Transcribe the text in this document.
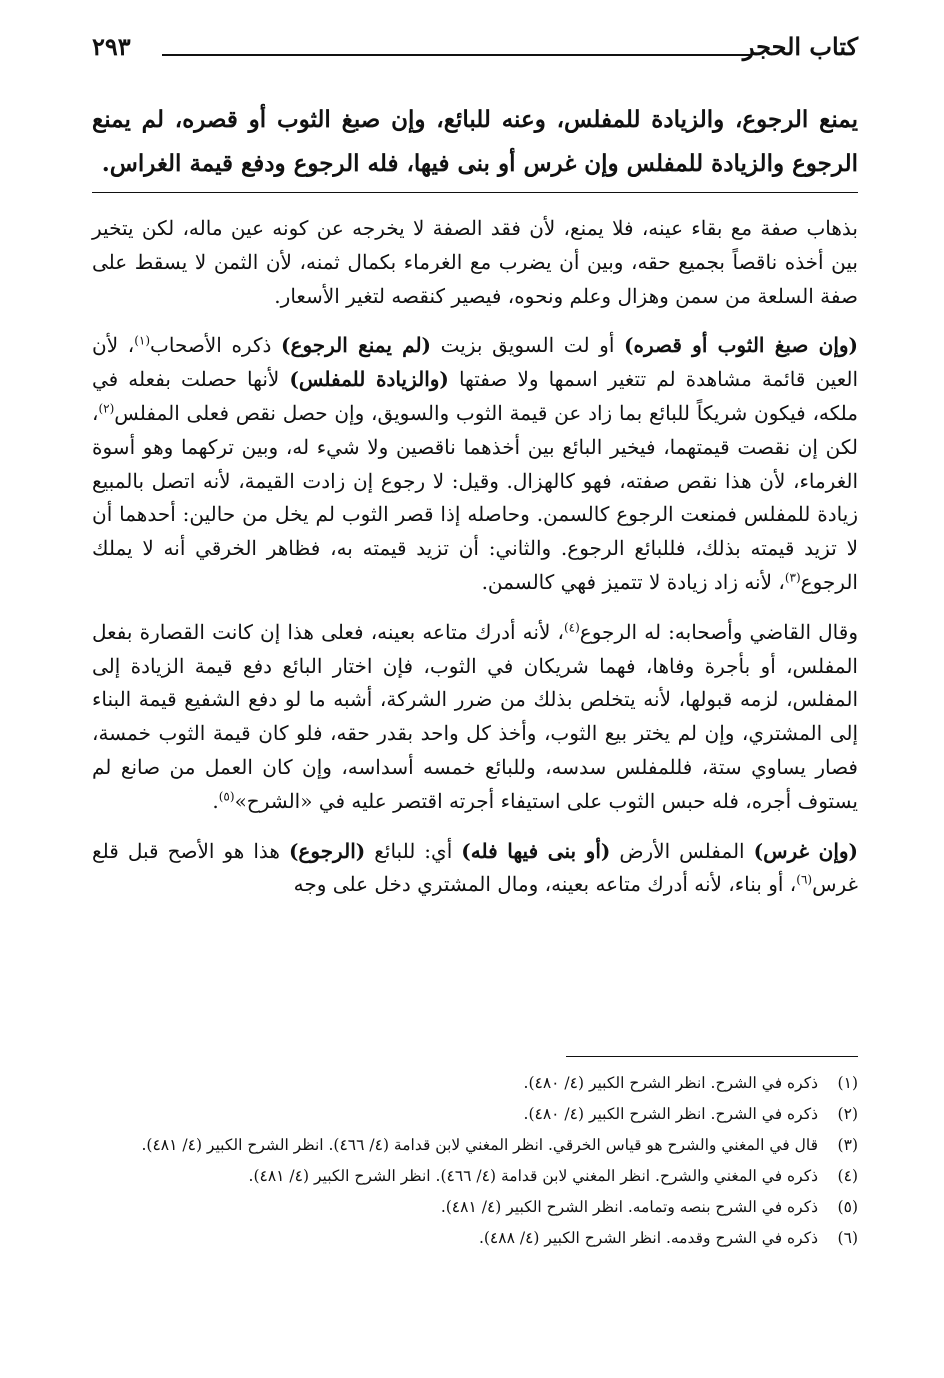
كتاب الحجر
٢٩٣
يمنع الرجوع، والزيادة للمفلس، وعنه للبائع، وإن صبغ الثوب أو قصره، لم يمنع الرجوع والزيادة للمفلس وإن غرس أو بنى فيها، فله الرجوع ودفع قيمة الغراس.

بذهاب صفة مع بقاء عينه، فلا يمنع، لأن فقد الصفة لا يخرجه عن كونه عين ماله، لكن يتخير بين أخذه ناقصاً بجميع حقه، وبين أن يضرب مع الغرماء بكمال ثمنه، لأن الثمن لا يسقط على صفة السلعة من سمن وهزال وعلم ونحوه، فيصير كنقصه لتغير الأسعار.

(وإن صبغ الثوب أو قصره) أو لت السويق بزيت (لم يمنع الرجوع) ذكره الأصحاب$^{(١)}$، لأن العين قائمة مشاهدة لم تتغير اسمها ولا صفتها (والزيادة للمفلس) لأنها حصلت بفعله في ملكه، فيكون شريكاً للبائع بما زاد عن قيمة الثوب والسويق، وإن حصل نقص فعلى المفلس$^{(٢)}$، لكن إن نقصت قيمتهما، فيخير البائع بين أخذهما ناقصين ولا شيء له، وبين تركهما وهو أسوة الغرماء، لأن هذا نقص صفته، فهو كالهزال. وقيل: لا رجوع إن زادت القيمة، لأنه اتصل بالمبيع زيادة للمفلس فمنعت الرجوع كالسمن. وحاصله إذا قصر الثوب لم يخل من حالين: أحدهما أن لا تزيد قيمته بذلك، فللبائع الرجوع. والثاني: أن تزيد قيمته به، فظاهر الخرقي أنه لا يملك الرجوع$^{(٣)}$، لأنه زاد زيادة لا تتميز فهي كالسمن.

وقال القاضي وأصحابه: له الرجوع$^{(٤)}$، لأنه أدرك متاعه بعينه، فعلى هذا إن كانت القصارة بفعل المفلس، أو بأجرة وفاها، فهما شريكان في الثوب، فإن اختار البائع دفع قيمة الزيادة إلى المفلس، لزمه قبولها، لأنه يتخلص بذلك من ضرر الشركة، أشبه ما لو دفع الشفيع قيمة البناء إلى المشتري، وإن لم يختر بيع الثوب، وأخذ كل واحد بقدر حقه، فلو كان قيمة الثوب خمسة، فصار يساوي ستة، فللمفلس سدسه، وللبائع خمسه أسداسه، وإن كان العمل من صانع لم يستوف أجره، فله حبس الثوب على استيفاء أجرته اقتصر عليه في «الشرح»$^{(٥)}$.

(وإن غرس) المفلس الأرض (أو بنى فيها فله) أي: للبائع (الرجوع) هذا هو الأصح قبل قلع غرس$^{(٦)}$، أو بناء، لأنه أدرك متاعه بعينه، ومال المشتري دخل على وجه

(١)
ذكره في الشرح. انظر الشرح الكبير (٤/ ٤٨٠).
(٢)
ذكره في الشرح. انظر الشرح الكبير (٤/ ٤٨٠).
(٣)
قال في المغني والشرح هو قياس الخرقي. انظر المغني لابن قدامة (٤/ ٤٦٦). انظر الشرح الكبير (٤/ ٤٨١).
(٤)
ذكره في المغني والشرح. انظر المغني لابن قدامة (٤/ ٤٦٦). انظر الشرح الكبير (٤/ ٤٨١).
(٥)
ذكره في الشرح بنصه وتمامه. انظر الشرح الكبير (٤/ ٤٨١).
(٦)
ذكره في الشرح وقدمه. انظر الشرح الكبير (٤/ ٤٨٨).
